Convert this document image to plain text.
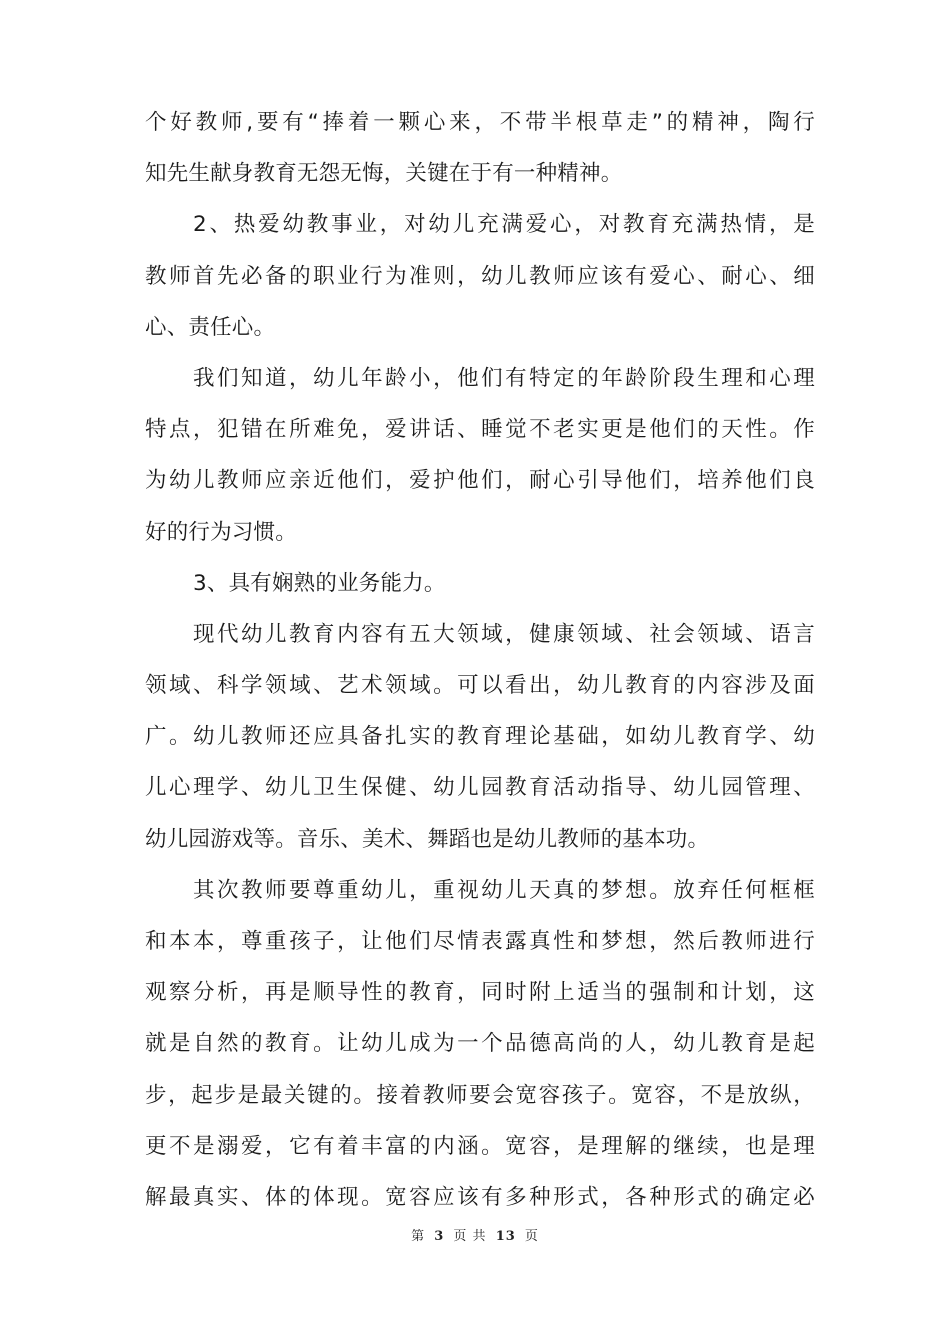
个好教师,要有“捧着一颗心来，不带半根草走”的精神，陶行
知先生献身教育无怨无悔，关键在于有一种精神。
2、热爱幼教事业，对幼儿充满爱心，对教育充满热情，是
教师首先必备的职业行为准则，幼儿教师应该有爱心、耐心、细
心、责任心。
我们知道，幼儿年龄小，他们有特定的年龄阶段生理和心理
特点，犯错在所难免，爱讲话、睡觉不老实更是他们的天性。作
为幼儿教师应亲近他们，爱护他们，耐心引导他们，培养他们良
好的行为习惯。
3、具有娴熟的业务能力。
现代幼儿教育内容有五大领域，健康领域、社会领域、语言
领域、科学领域、艺术领域。可以看出，幼儿教育的内容涉及面
广。幼儿教师还应具备扎实的教育理论基础，如幼儿教育学、幼
儿心理学、幼儿卫生保健、幼儿园教育活动指导、幼儿园管理、
幼儿园游戏等。音乐、美术、舞蹈也是幼儿教师的基本功。
其次教师要尊重幼儿，重视幼儿天真的梦想。放弃任何框框
和本本，尊重孩子，让他们尽情表露真性和梦想，然后教师进行
观察分析，再是顺导性的教育，同时附上适当的强制和计划，这
就是自然的教育。让幼儿成为一个品德高尚的人，幼儿教育是起
步，起步是最关键的。接着教师要会宽容孩子。宽容，不是放纵，
更不是溺爱，它有着丰富的内涵。宽容，是理解的继续，也是理
解最真实、体的体现。宽容应该有多种形式，各种形式的确定必
第 3 页 共 13 页
